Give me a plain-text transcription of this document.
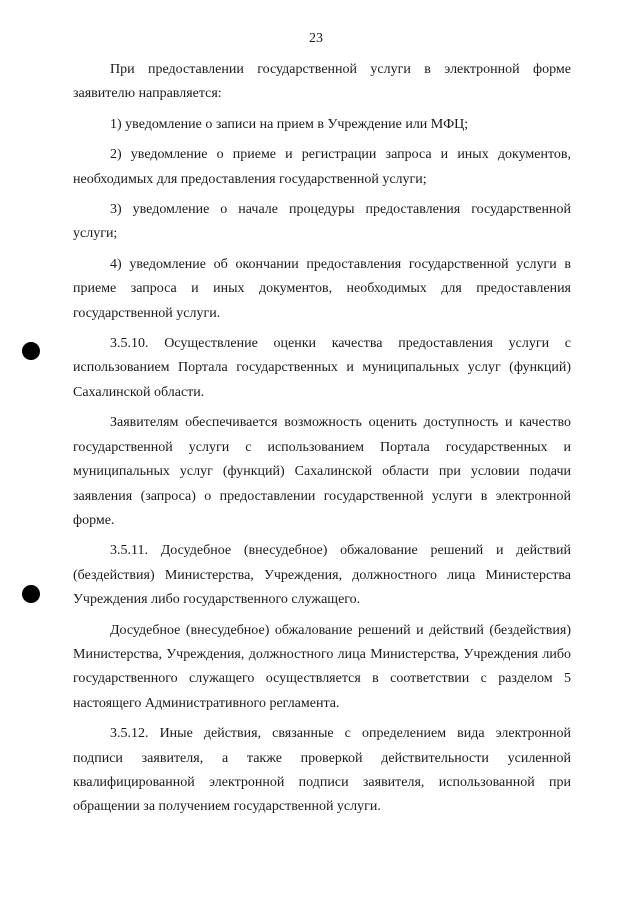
23

При предоставлении государственной услуги в электронной форме заявителю направляется:

1) уведомление о записи на прием в Учреждение или МФЦ;

2) уведомление о приеме и регистрации запроса и иных документов, необходимых для предоставления государственной услуги;

3) уведомление о начале процедуры предоставления государственной услуги;

4) уведомление об окончании предоставления государственной услуги в приеме запроса и иных документов, необходимых для предоставления государственной услуги.

3.5.10. Осуществление оценки качества предоставления услуги с использованием Портала государственных и муниципальных услуг (функций) Сахалинской области.

Заявителям обеспечивается возможность оценить доступность и качество государственной услуги с использованием Портала государственных и муниципальных услуг (функций) Сахалинской области при условии подачи заявления (запроса) о предоставлении государственной услуги в электронной форме.

3.5.11. Досудебное (внесудебное) обжалование решений и действий (бездействия) Министерства, Учреждения, должностного лица Министерства Учреждения либо государственного служащего.

Досудебное (внесудебное) обжалование решений и действий (бездействия) Министерства, Учреждения, должностного лица Министерства, Учреждения либо государственного служащего осуществляется в соответствии с разделом 5 настоящего Административного регламента.

3.5.12. Иные действия, связанные с определением вида электронной подписи заявителя, а также проверкой действительности усиленной квалифицированной электронной подписи заявителя, использованной при обращении за получением государственной услуги.
